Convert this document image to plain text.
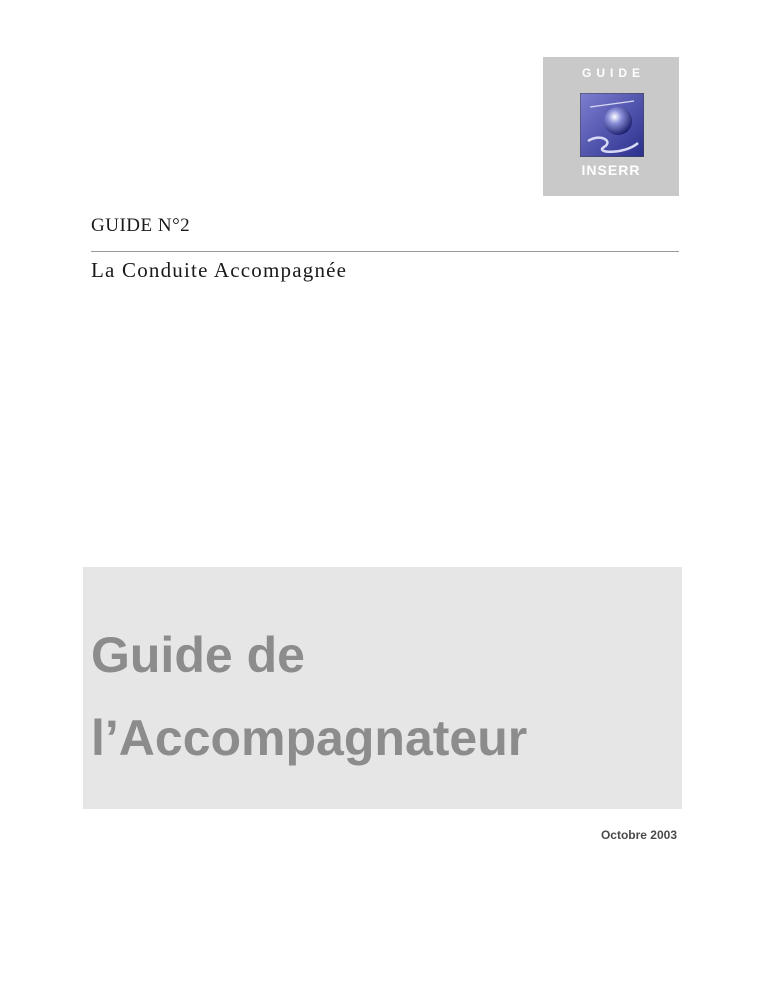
GUIDE
INSERR
GUIDE N°2
La Conduite Accompagnée
Guide de
l’Accompagnateur
Octobre 2003
